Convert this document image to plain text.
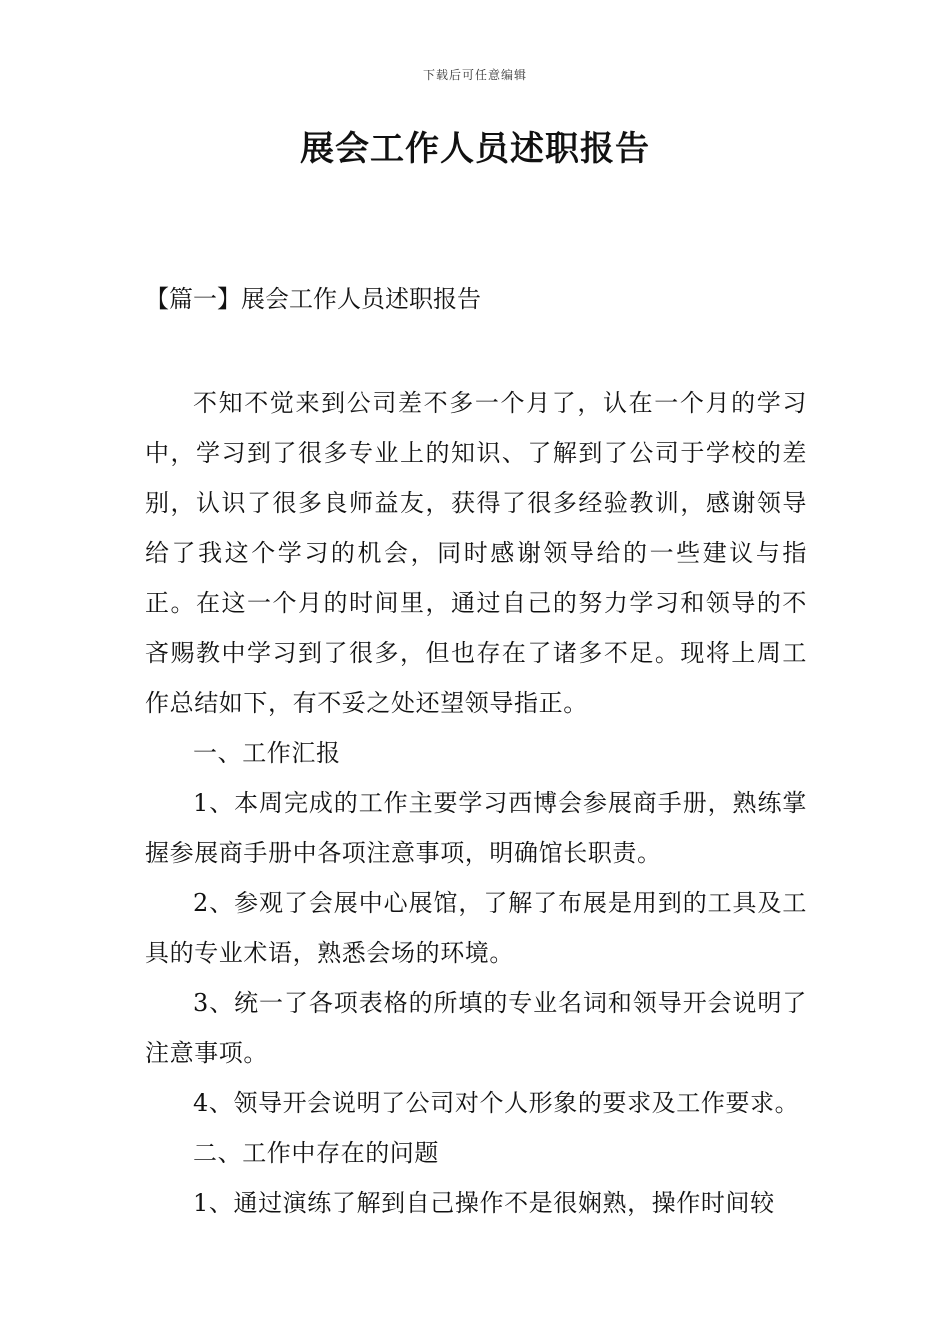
下载后可任意编辑
展会工作人员述职报告
【篇一】展会工作人员述职报告

不知不觉来到公司差不多一个月了，认在一个月的学习中，学习到了很多专业上的知识、了解到了公司于学校的差别，认识了很多良师益友，获得了很多经验教训，感谢领导给了我这个学习的机会，同时感谢领导给的一些建议与指正。在这一个月的时间里，通过自己的努力学习和领导的不吝赐教中学习到了很多，但也存在了诸多不足。现将上周工作总结如下，有不妥之处还望领导指正。

一、工作汇报

1、本周完成的工作主要学习西博会参展商手册，熟练掌握参展商手册中各项注意事项，明确馆长职责。

2、参观了会展中心展馆，了解了布展是用到的工具及工具的专业术语，熟悉会场的环境。

3、统一了各项表格的所填的专业名词和领导开会说明了注意事项。

4、领导开会说明了公司对个人形象的要求及工作要求。

二、工作中存在的问题

1、通过演练了解到自己操作不是很娴熟，操作时间较
